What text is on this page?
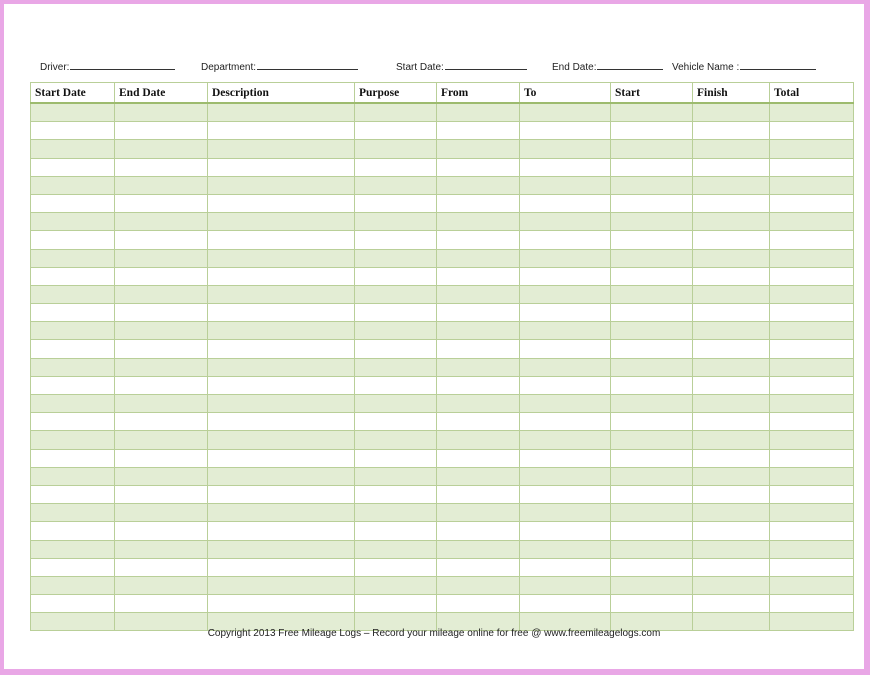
Driver:	Department:	Start Date:	End Date:	Vehicle Name :
Start Date	End Date	Description	Purpose	From	To	Start	Finish	Total

Copyright 2013 Free Mileage Logs – Record your mileage online for free @ www.freemileagelogs.com
